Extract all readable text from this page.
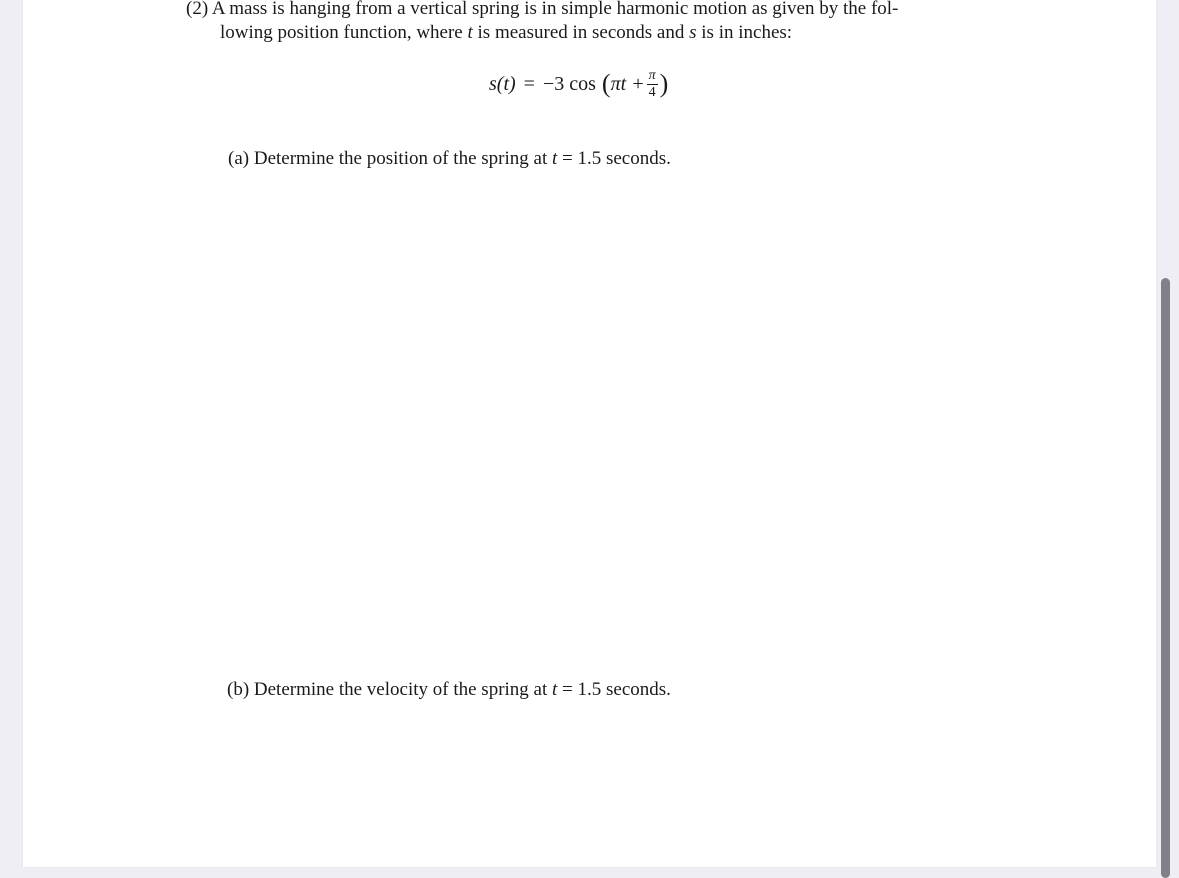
(2) A mass is hanging from a vertical spring is in simple harmonic motion as given by the fol-
lowing position function, where t is measured in seconds and s is in inches:
s(t) = −3 cos ( $\pi t + \frac{\pi}{4}$ )
(a) Determine the position of the spring at t = 1.5 seconds.
(b) Determine the velocity of the spring at t = 1.5 seconds.
